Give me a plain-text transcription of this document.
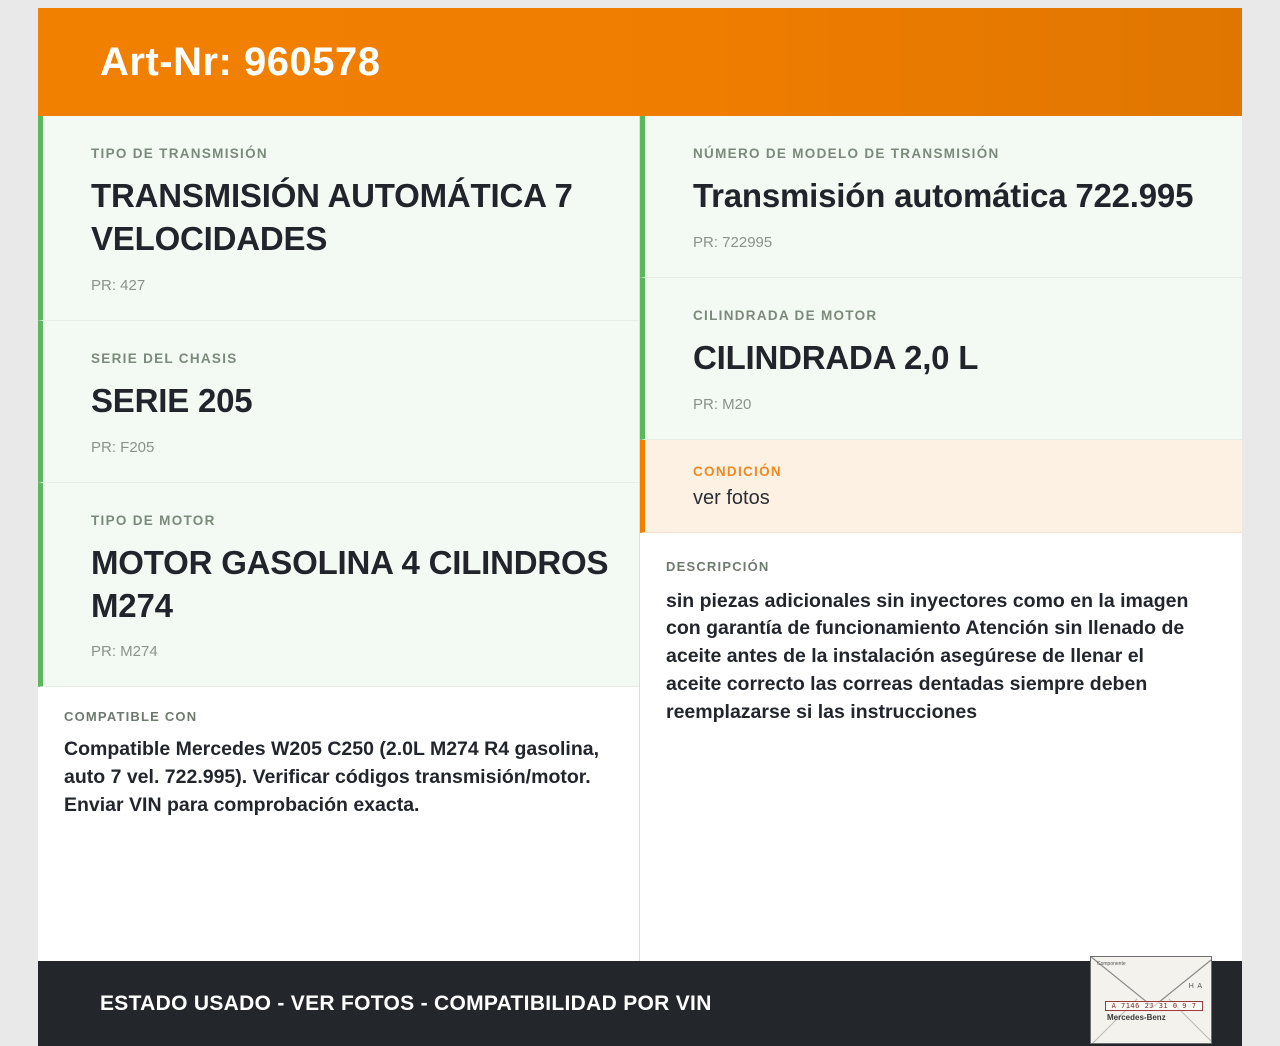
Art-Nr: 960578
TIPO DE TRANSMISIÓN
TRANSMISIÓN AUTOMÁTICA 7 VELOCIDADES
PR: 427
SERIE DEL CHASIS
SERIE 205
PR: F205
TIPO DE MOTOR
MOTOR GASOLINA 4 CILINDROS M274
PR: M274
COMPATIBLE CON
Compatible Mercedes W205 C250 (2.0L M274 R4 gasolina, auto 7 vel. 722.995). Verificar códigos transmisión/motor. Enviar VIN para comprobación exacta.
NÚMERO DE MODELO DE TRANSMISIÓN
Transmisión automática 722.995
PR: 722995
CILINDRADA DE MOTOR
CILINDRADA 2,0 L
PR: M20
CONDICIÓN
ver fotos
DESCRIPCIÓN
sin piezas adicionales sin inyectores como en la imagen con garantía de funcionamiento Atención sin llenado de aceite antes de la instalación asegúrese de llenar el aceite correcto las correas dentadas siempre deben reemplazarse si las instrucciones
ESTADO USADO - VER FOTOS - COMPATIBILIDAD POR VIN
Componente
H A
A 7146 2J 31 0 9 7
Mercedes-Benz
